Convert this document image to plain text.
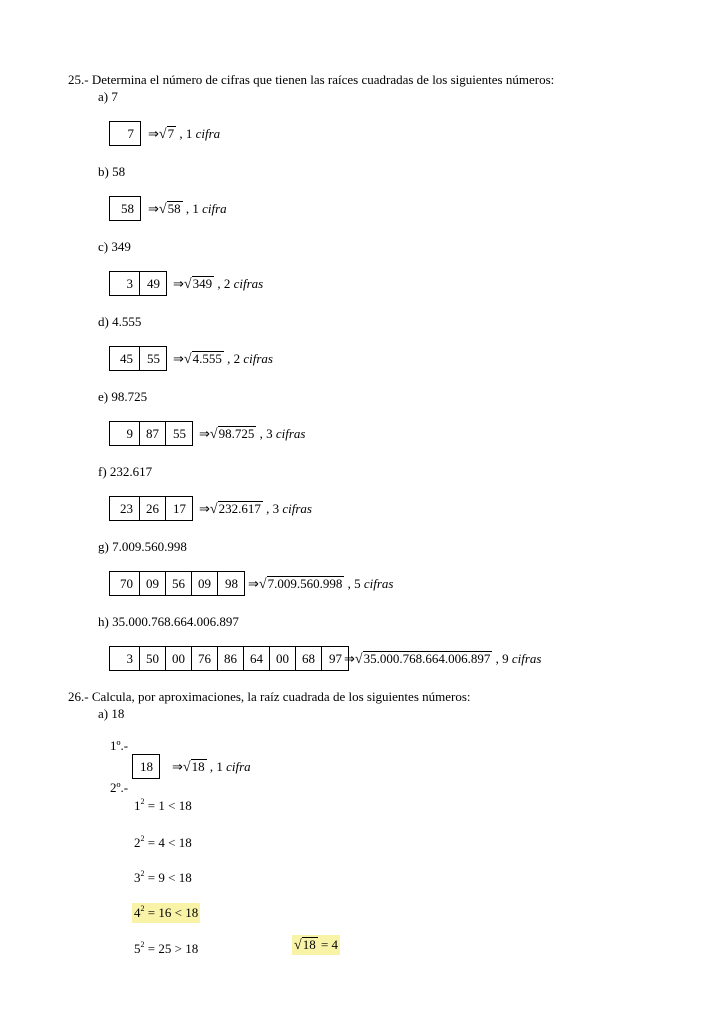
25.- Determina el número de cifras que tienen las raíces cuadradas de los siguientes números:
a) 7
7	⇒√7 , 1 cifra
b) 58
58	⇒√58 , 1 cifra
c) 349
3	49	⇒√349 , 2 cifras
d) 4.555
45	55	⇒√4.555 , 2 cifras
e) 98.725
9	87	55	⇒√98.725 , 3 cifras
f) 232.617
23	26	17	⇒√232.617 , 3 cifras
g) 7.009.560.998
70	09	56	09	98 ⇒√7.009.560.998 , 5 cifras
h) 35.000.768.664.006.897
3	50	00	76	86	64	00	68	97 ⇒√35.000.768.664.006.897 , 9 cifras
26.- Calcula, por aproximaciones, la raíz cuadrada de los siguientes números:
a) 18
1º.-
18	⇒√18 , 1 cifra
2º.-
$1^2 = 1 < 18$
$2^2 = 4 < 18$
$3^2 = 9 < 18$
$4^2 = 16 < 18$
$5^2 = 25 > 18$	√18 = 4
